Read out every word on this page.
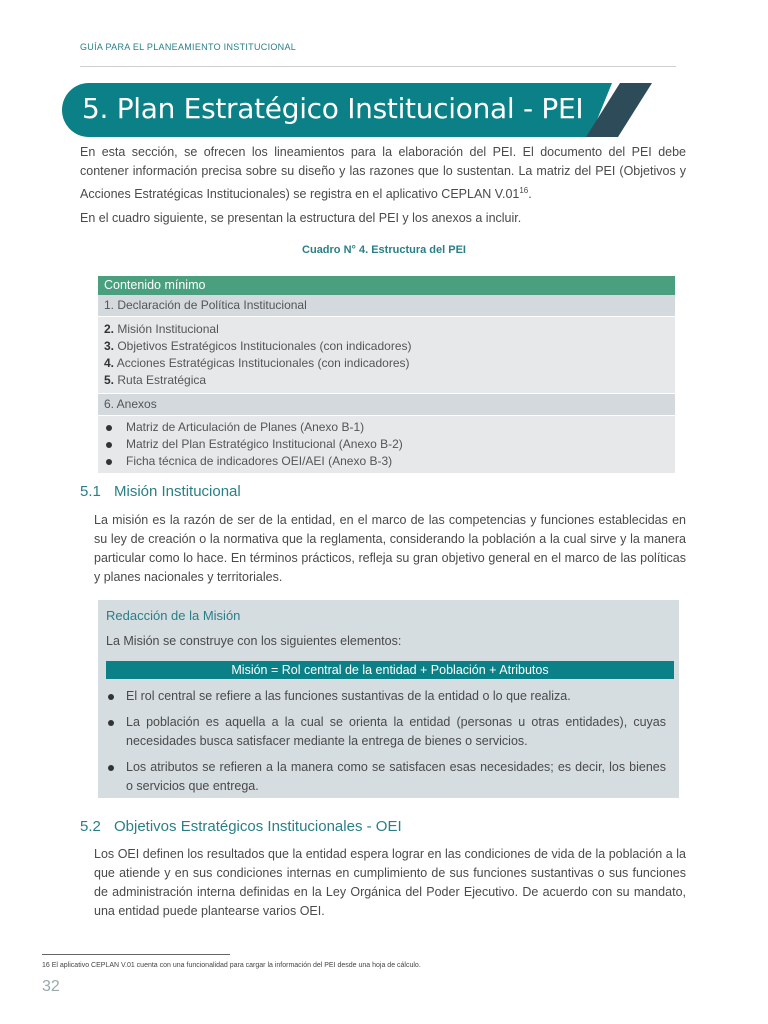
GUÍA PARA EL PLANEAMIENTO INSTITUCIONAL
5. Plan Estratégico Institucional - PEI
En esta sección, se ofrecen los lineamientos para la elaboración del PEI. El documento del PEI debe contener información precisa sobre su diseño y las razones que lo sustentan. La matriz del PEI (Objetivos y Acciones Estratégicas Institucionales) se registra en el aplicativo CEPLAN $V.01^{16}$.
En el cuadro siguiente, se presentan la estructura del PEI y los anexos a incluir.
Cuadro N° 4. Estructura del PEI
Contenido mínimo
1. Declaración de Política Institucional
2. Misión Institucional
3. Objetivos Estratégicos Institucionales (con indicadores)
4. Acciones Estratégicas Institucionales (con indicadores)
5. Ruta Estratégica
6. Anexos
Matriz de Articulación de Planes (Anexo B-1)
Matriz del Plan Estratégico Institucional (Anexo B-2)
Ficha técnica de indicadores OEI/AEI (Anexo B-3)
5.1 Misión Institucional
La misión es la razón de ser de la entidad, en el marco de las competencias y funciones establecidas en su ley de creación o la normativa que la reglamenta, considerando la población a la cual sirve y la manera particular como lo hace. En términos prácticos, refleja su gran objetivo general en el marco de las políticas y planes nacionales y territoriales.
Redacción de la Misión
La Misión se construye con los siguientes elementos:
Misión = Rol central de la entidad + Población + Atributos
El rol central se refiere a las funciones sustantivas de la entidad o lo que realiza.
La población es aquella a la cual se orienta la entidad (personas u otras entidades), cuyas necesidades busca satisfacer mediante la entrega de bienes o servicios.
Los atributos se refieren a la manera como se satisfacen esas necesidades; es decir, los bienes o servicios que entrega.
5.2 Objetivos Estratégicos Institucionales - OEI
Los OEI definen los resultados que la entidad espera lograr en las condiciones de vida de la población a la que atiende y en sus condiciones internas en cumplimiento de sus funciones sustantivas o sus funciones de administración interna definidas en la Ley Orgánica del Poder Ejecutivo. De acuerdo con su mandato, una entidad puede plantearse varios OEI.
16 El aplicativo CEPLAN V.01 cuenta con una funcionalidad para cargar la información del PEI desde una hoja de cálculo.
32
